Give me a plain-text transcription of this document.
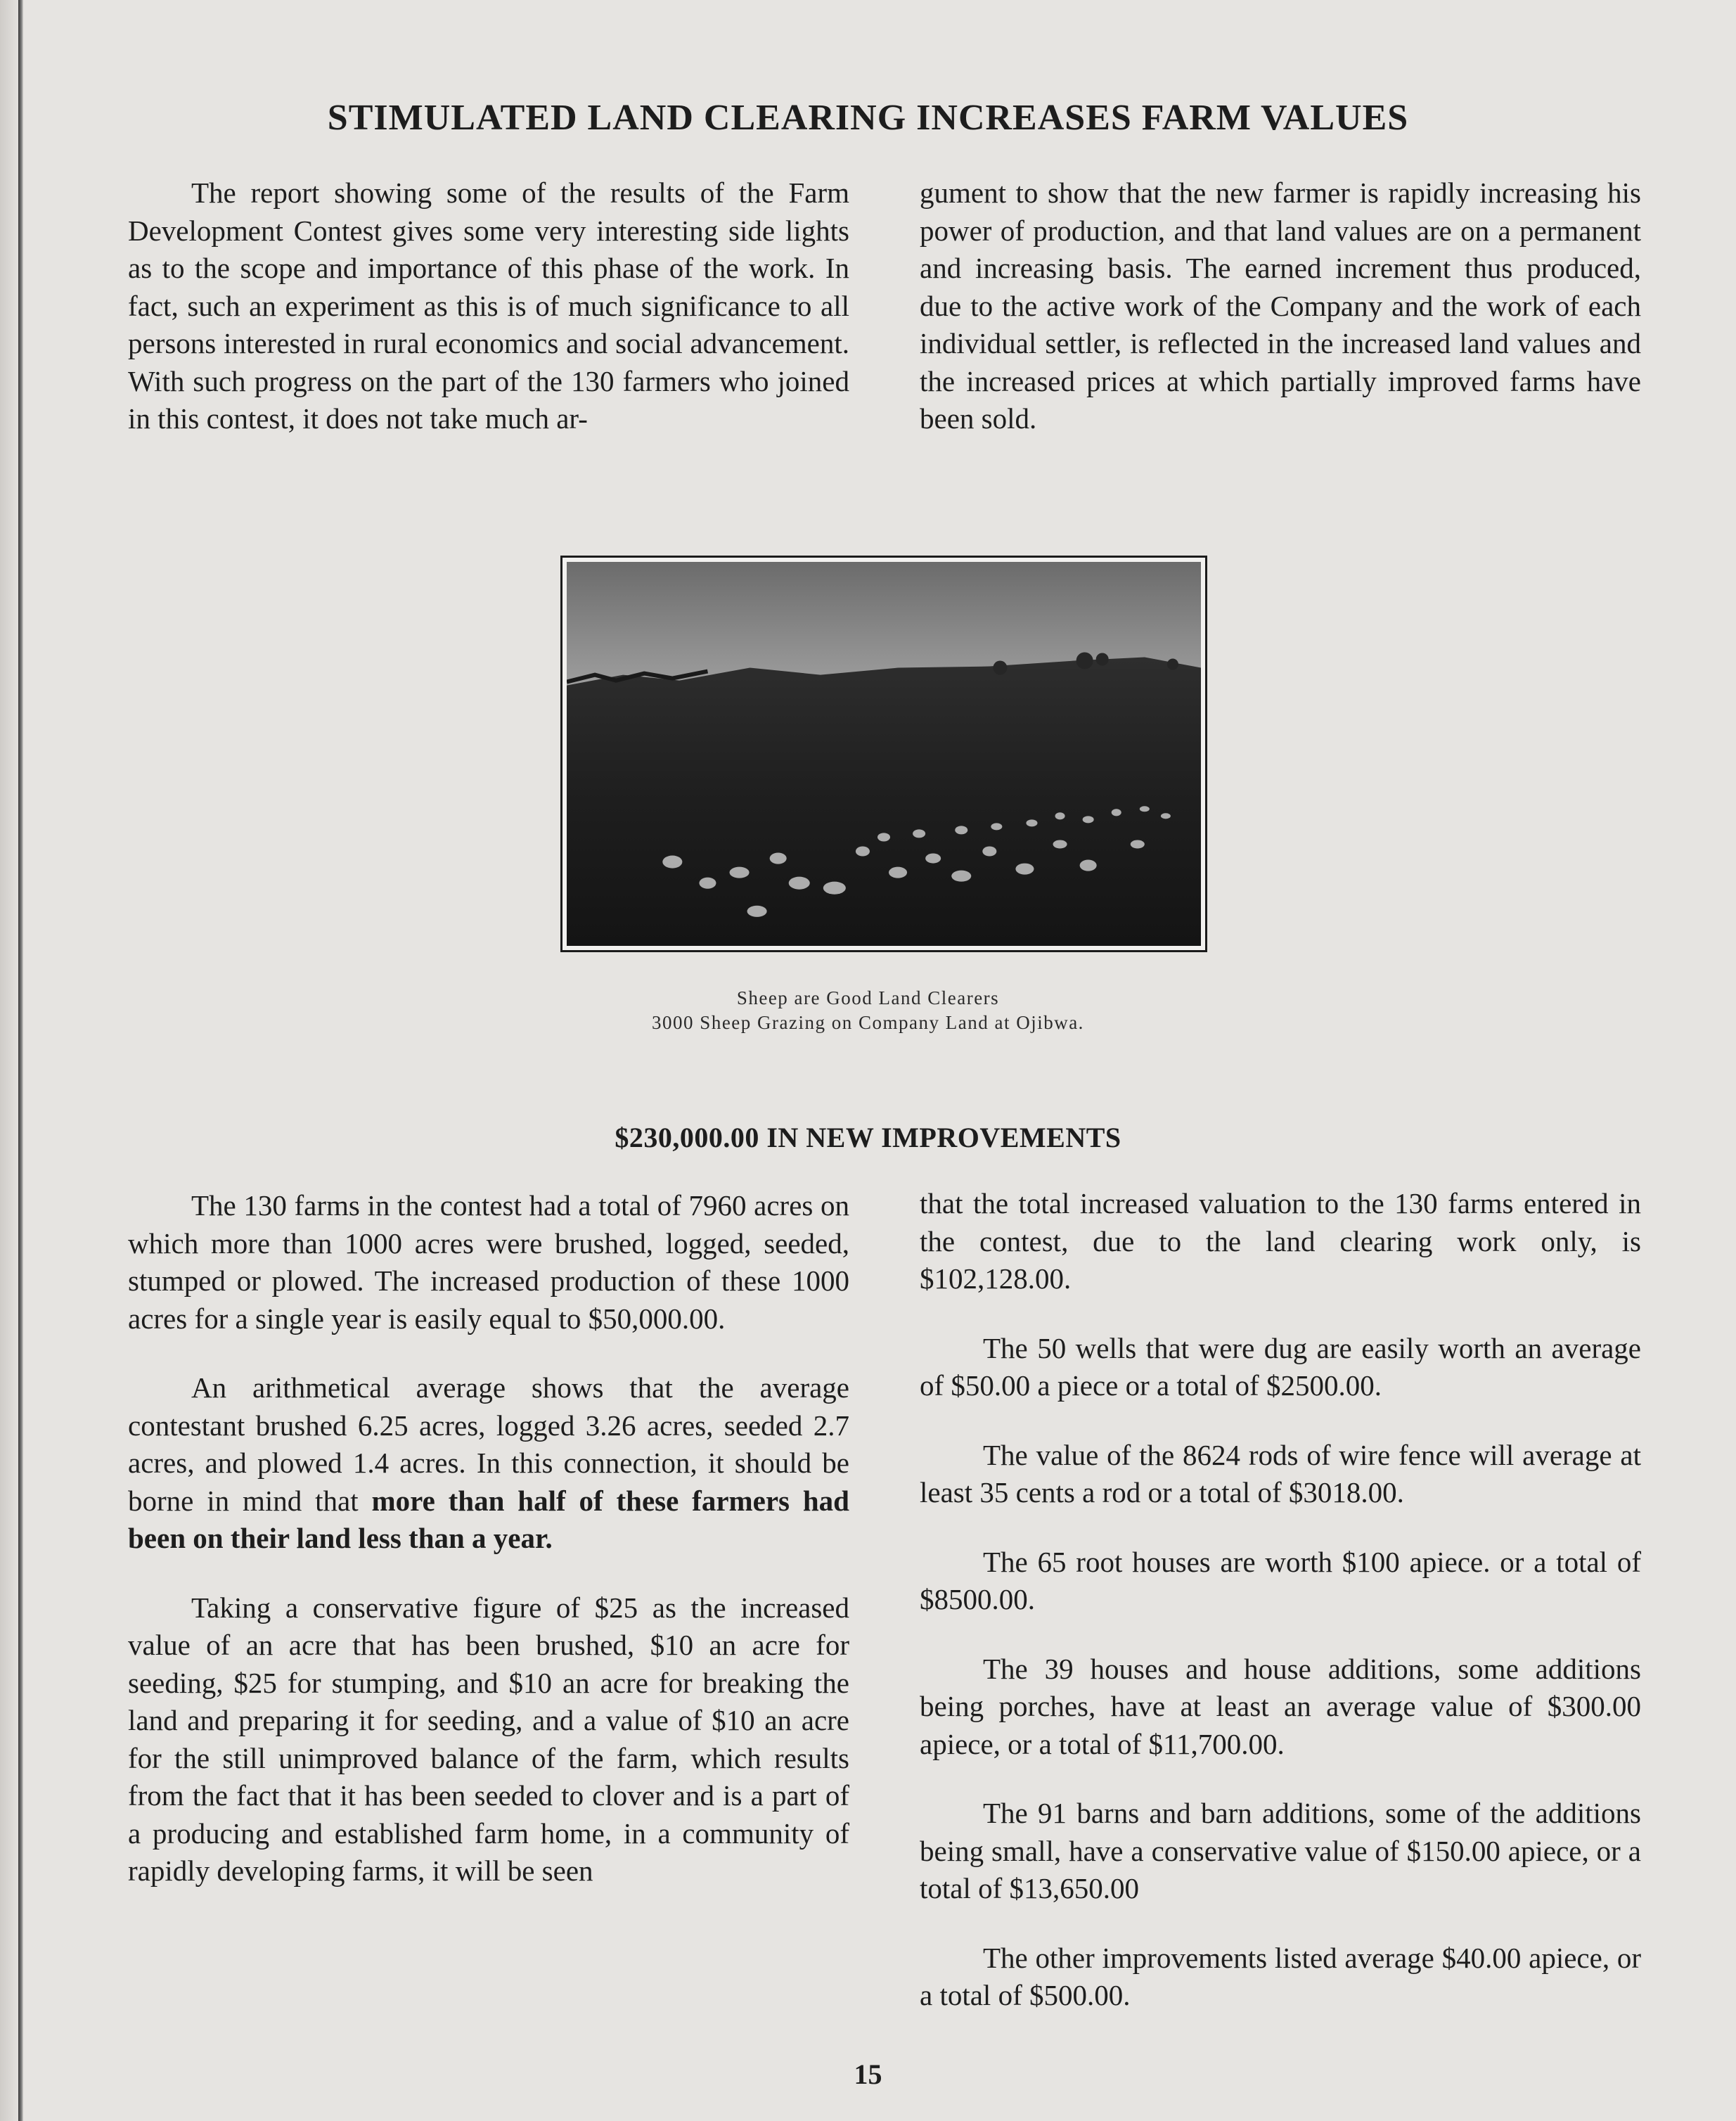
STIMULATED LAND CLEARING INCREASES FARM VALUES

The report showing some of the results of the Farm Development Contest gives some very interesting side lights as to the scope and importance of this phase of the work. In fact, such an experiment as this is of much significance to all persons interested in rural economics and social advancement. With such progress on the part of the 130 farmers who joined in this contest, it does not take much ar-

gument to show that the new farmer is rapidly increasing his power of production, and that land values are on a permanent and increasing basis. The earned increment thus produced, due to the active work of the Company and the work of each individual settler, is reflected in the increased land values and the increased prices at which partially improved farms have been sold.

Sheep are Good Land Clearers
3000 Sheep Grazing on Company Land at Ojibwa.
$230,000.00 IN NEW IMPROVEMENTS

The 130 farms in the contest had a total of 7960 acres on which more than 1000 acres were brushed, logged, seeded, stumped or plowed. The increased production of these 1000 acres for a single year is easily equal to $50,000.00.

An arithmetical average shows that the average contestant brushed 6.25 acres, logged 3.26 acres, seeded 2.7 acres, and plowed 1.4 acres. In this connection, it should be borne in mind that more than half of these farmers had been on their land less than a year.

Taking a conservative figure of $25 as the increased value of an acre that has been brushed, $10 an acre for seeding, $25 for stumping, and $10 an acre for breaking the land and preparing it for seeding, and a value of $10 an acre for the still unimproved balance of the farm, which results from the fact that it has been seeded to clover and is a part of a producing and established farm home, in a community of rapidly developing farms, it will be seen

that the total increased valuation to the 130 farms entered in the contest, due to the land clearing work only, is $102,128.00.

The 50 wells that were dug are easily worth an average of $50.00 a piece or a total of $2500.00.

The value of the 8624 rods of wire fence will average at least 35 cents a rod or a total of $3018.00.

The 65 root houses are worth $100 apiece. or a total of $8500.00.

The 39 houses and house additions, some additions being porches, have at least an average value of $300.00 apiece, or a total of $11,700.00.

The 91 barns and barn additions, some of the additions being small, have a conservative value of $150.00 apiece, or a total of $13,650.00

The other improvements listed average $40.00 apiece, or a total of $500.00.

15
